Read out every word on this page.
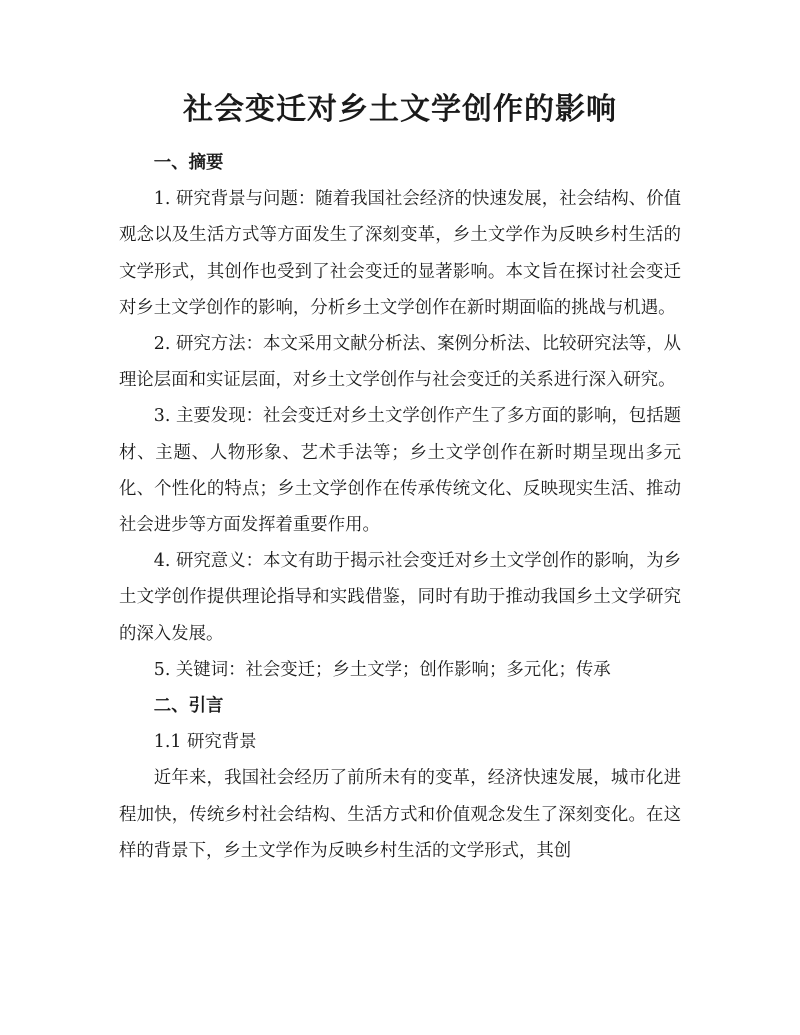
社会变迁对乡土文学创作的影响

一、摘要

1. 研究背景与问题：随着我国社会经济的快速发展，社会结构、价值观念以及生活方式等方面发生了深刻变革，乡土文学作为反映乡村生活的文学形式，其创作也受到了社会变迁的显著影响。本文旨在探讨社会变迁对乡土文学创作的影响，分析乡土文学创作在新时期面临的挑战与机遇。

2. 研究方法：本文采用文献分析法、案例分析法、比较研究法等，从理论层面和实证层面，对乡土文学创作与社会变迁的关系进行深入研究。

3. 主要发现：社会变迁对乡土文学创作产生了多方面的影响，包括题材、主题、人物形象、艺术手法等；乡土文学创作在新时期呈现出多元化、个性化的特点；乡土文学创作在传承传统文化、反映现实生活、推动社会进步等方面发挥着重要作用。

4. 研究意义：本文有助于揭示社会变迁对乡土文学创作的影响，为乡土文学创作提供理论指导和实践借鉴，同时有助于推动我国乡土文学研究的深入发展。

5. 关键词：社会变迁；乡土文学；创作影响；多元化；传承

二、引言

1.1 研究背景

近年来，我国社会经历了前所未有的变革，经济快速发展，城市化进程加快，传统乡村社会结构、生活方式和价值观念发生了深刻变化。在这样的背景下，乡土文学作为反映乡村生活的文学形式，其创
